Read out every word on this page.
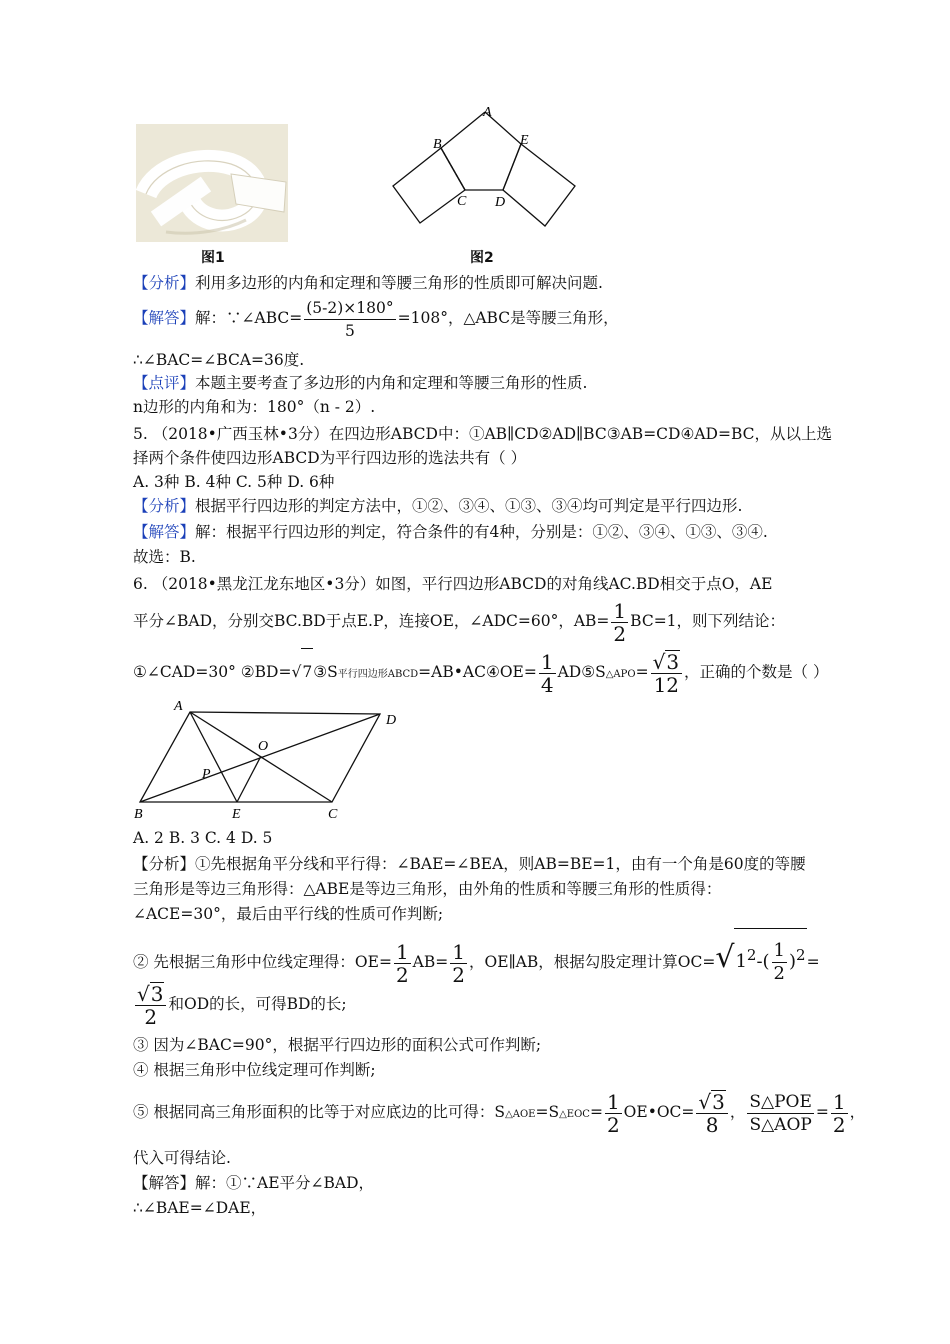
图1
A
B
C D
E
图2
【分析】利用多边形的内角和定理和等腰三角形的性质即可解决问题.
【解答】解：∵∠ABC= $\frac{(5-2)\times 180^\circ}{5} =108^\circ$，△ABC是等腰三角形，
∴∠BAC=∠BCA=36度.
【点评】本题主要考查了多边形的内角和定理和等腰三角形的性质.
n边形的内角和为：180°（n - 2）.
5. （2018•广西玉林•3分）在四边形ABCD中：①AB∥CD②AD∥BC③AB=CD④AD=BC，从以上选
择两个条件使四边形ABCD为平行四边形的选法共有（ ）
A. 3种 B. 4种 C. 5种 D. 6种
【分析】根据平行四边形的判定方法中，①②、③④、①③、③④均可判定是平行四边形.
【解答】解：根据平行四边形的判定，符合条件的有4种，分别是：①②、③④、①③、③④.
故选：B.
6. （2018•黑龙江龙东地区•3分）如图，平行四边形ABCD的对角线AC.BD相交于点O，AE
平分∠BAD，分别交BC.BD于点E.P，连接OE，∠ADC=60°，$AB= \frac{1}{2} BC=1$，则下列结论：
①∠CAD=30° ②BD=√7③S平行四边形ABCD=AB•AC④OE= $\frac{1}{4}$ AD⑤S△APO= $\frac{√3}{12}$ ，正确的个数是（ ）
A
D
O
P
B	E	C
A. 2 B. 3 C. 4 D. 5
【分析】①先根据角平分线和平行得：∠BAE=∠BEA，则AB=BE=1，由有一个角是60度的等腰
三角形是等边三角形得：△ABE是等边三角形，由外角的性质和等腰三角形的性质得：
∠ACE=30°，最后由平行线的性质可作判断;
② 先根据三角形中位线定理得：$OE= \frac{1}{2} AB= \frac{1}{2}$ ，OE∥AB，根据勾股定理计算$OC=√1^2-( \frac{1}{2} )^2=$
$\frac{√3}{2}$ 和OD的长，可得BD的长;
③ 因为∠BAC=90°，根据平行四边形的面积公式可作判断;
④ 根据三角形中位线定理可作判断;
⑤ 根据同高三角形面积的比等于对应底边的比可得：S△AOE=S△EOC= $\frac{1}{2}$ OE•OC= $\frac{√3}{8}$ ， $\frac{\text{S△POE}}{\text{S△AOP}} = \frac{1}{2}$ ，
代入可得结论.
【解答】解：①∵AE平分∠BAD，
∴∠BAE=∠DAE，
